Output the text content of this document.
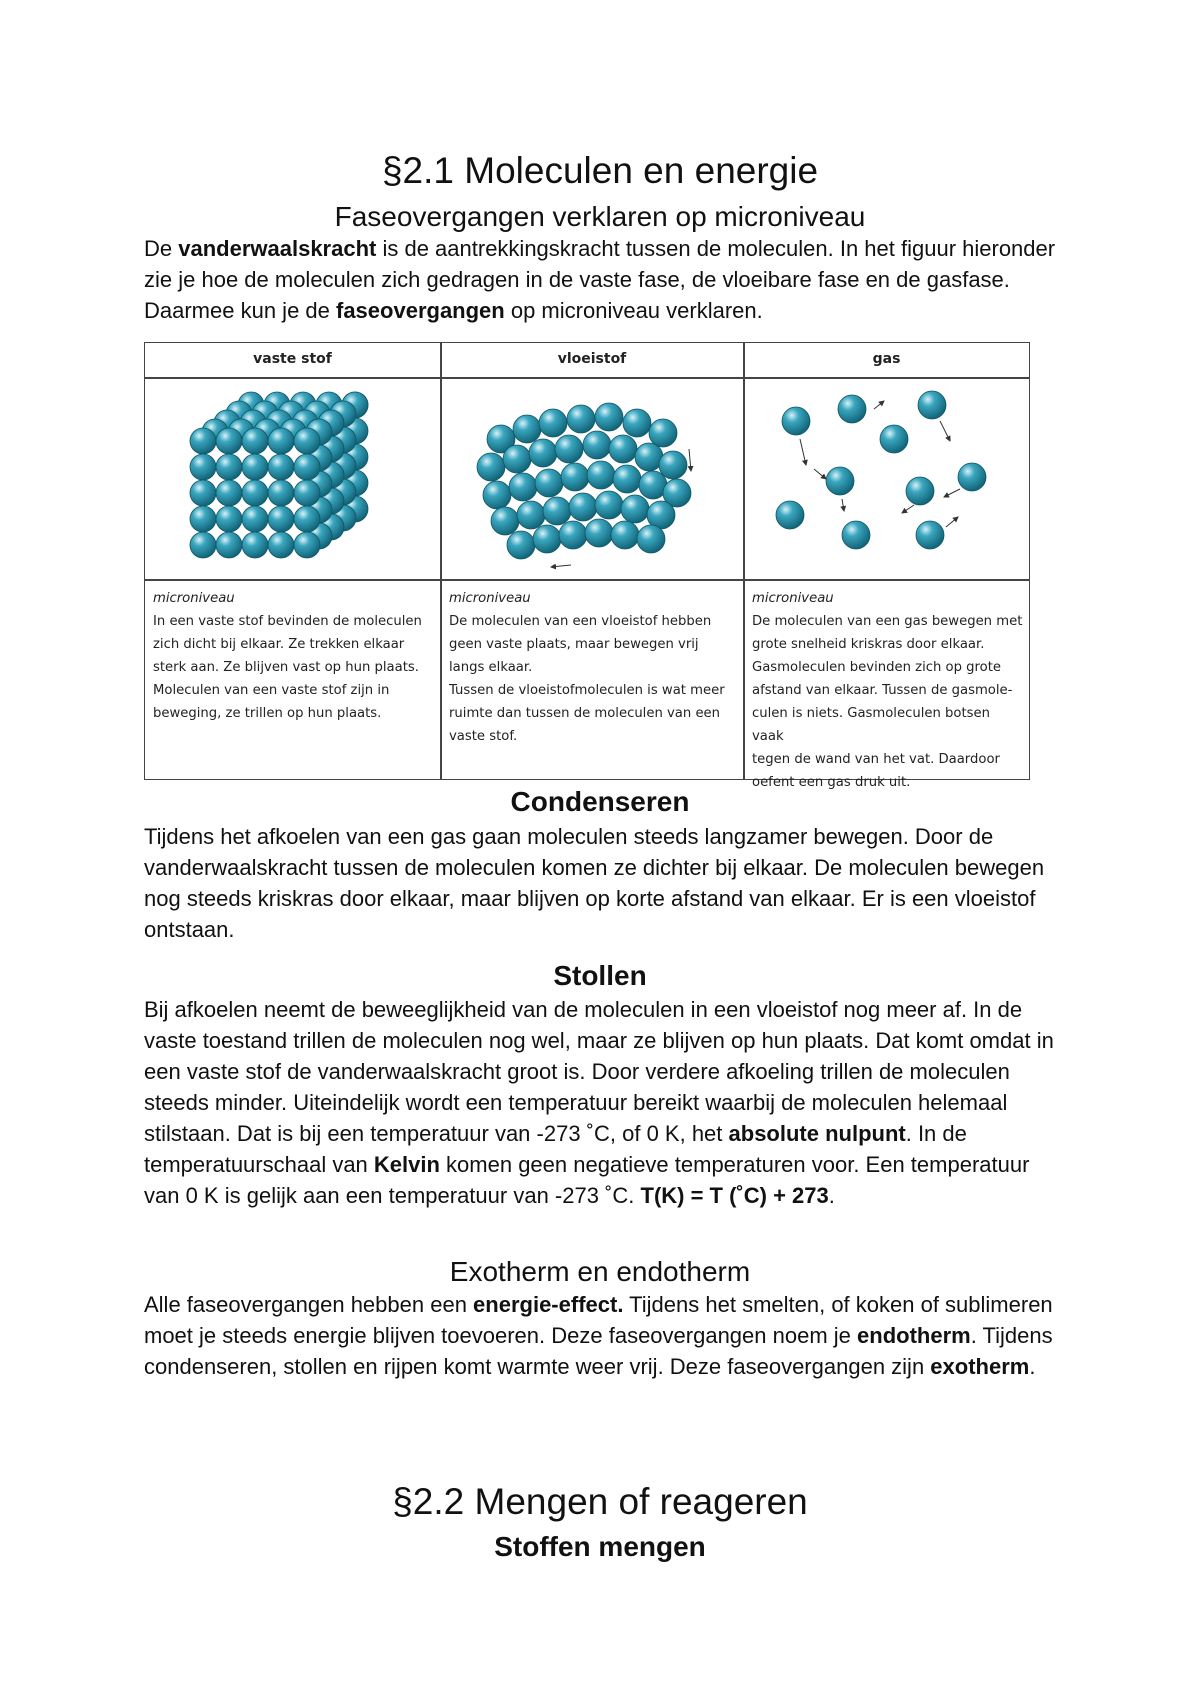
§2.1 Moleculen en energie
Faseovergangen verklaren op microniveau

De vanderwaalskracht is de aantrekkingskracht tussen de moleculen. In het figuur hieronder zie je hoe de moleculen zich gedragen in de vaste fase, de vloeibare fase en de gasfase. Daarmee kun je de faseovergangen op microniveau verklaren.

vaste stof
microniveau
In een vaste stof bevinden de moleculen
zich dicht bij elkaar. Ze trekken elkaar
sterk aan. Ze blijven vast op hun plaats.
Moleculen van een vaste stof zijn in
beweging, ze trillen op hun plaats.
vloeistof
microniveau
De moleculen van een vloeistof hebben
geen vaste plaats, maar bewegen vrij
langs elkaar.
Tussen de vloeistofmoleculen is wat meer
ruimte dan tussen de moleculen van een
vaste stof.
gas
microniveau
De moleculen van een gas bewegen met
grote snelheid kriskras door elkaar.
Gasmoleculen bevinden zich op grote
afstand van elkaar. Tussen de gasmole-
culen is niets. Gasmoleculen botsen vaak
tegen de wand van het vat. Daardoor
oefent een gas druk uit.
Condenseren

Tijdens het afkoelen van een gas gaan moleculen steeds langzamer bewegen. Door de vanderwaalskracht tussen de moleculen komen ze dichter bij elkaar. De moleculen bewegen nog steeds kriskras door elkaar, maar blijven op korte afstand van elkaar. Er is een vloeistof ontstaan.

Stollen

Bij afkoelen neemt de beweeglijkheid van de moleculen in een vloeistof nog meer af. In de vaste toestand trillen de moleculen nog wel, maar ze blijven op hun plaats. Dat komt omdat in een vaste stof de vanderwaalskracht groot is. Door verdere afkoeling trillen de moleculen steeds minder. Uiteindelijk wordt een temperatuur bereikt waarbij de moleculen helemaal stilstaan. Dat is bij een temperatuur van -273 ˚C, of 0 K, het absolute nulpunt. In de temperatuurschaal van Kelvin komen geen negatieve temperaturen voor. Een temperatuur van 0 K is gelijk aan een temperatuur van -273 ˚C. T(K) = T (˚C) + 273.

Exotherm en endotherm

Alle faseovergangen hebben een energie-effect. Tijdens het smelten, of koken of sublimeren moet je steeds energie blijven toevoeren. Deze faseovergangen noem je endotherm. Tijdens condenseren, stollen en rijpen komt warmte weer vrij. Deze faseovergangen zijn exotherm.

§2.2 Mengen of reageren
Stoffen mengen
